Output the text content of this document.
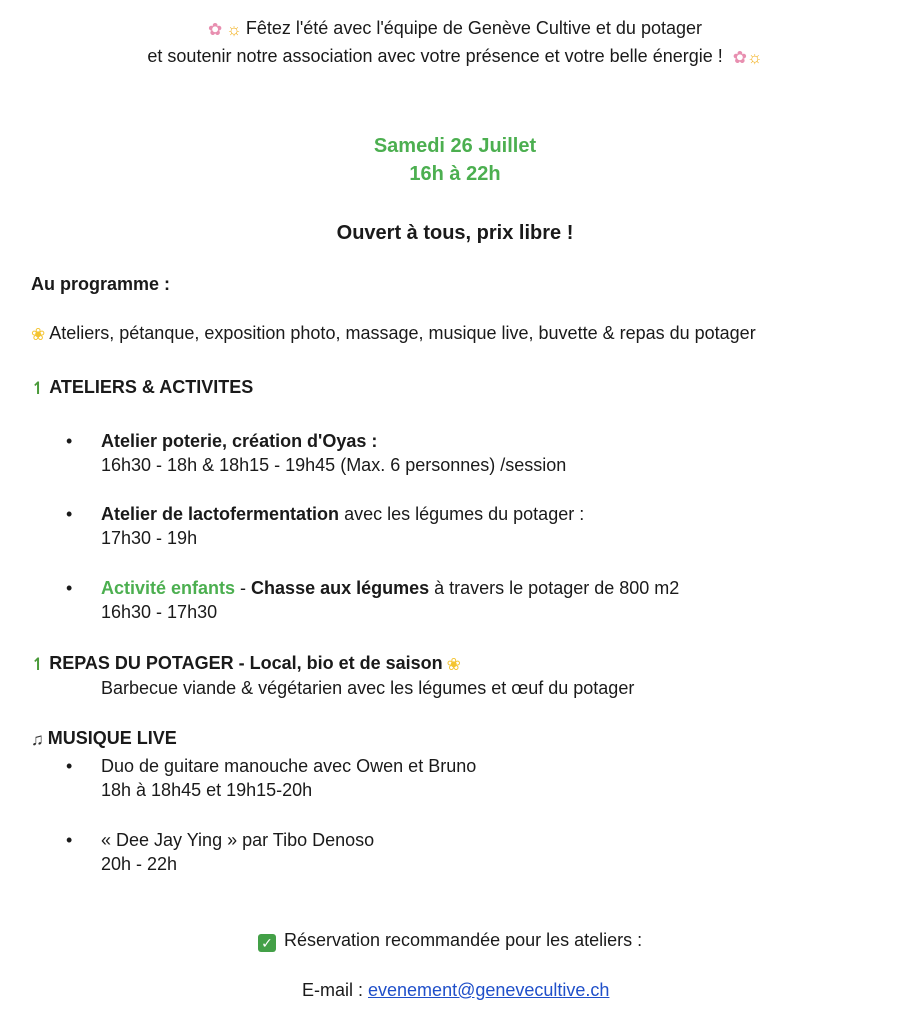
✿ ☼ Fêtez l'été avec l'équipe de Genève Cultive et du potager
et soutenir notre association avec votre présence et votre belle énergie ! ✿☼
Samedi 26 Juillet
16h à 22h
Ouvert à tous, prix libre !
Au programme :
❀ Ateliers, pétanque, exposition photo, massage, musique live, buvette & repas du potager
↿ ATELIERS & ACTIVITES
• Atelier poterie, création d'Oyas :
16h30 - 18h & 18h15 - 19h45 (Max. 6 personnes) /session
• Atelier de lactofermentation avec les légumes du potager :
17h30 - 19h
• Activité enfants - Chasse aux légumes à travers le potager de 800 m2
16h30 - 17h30
↿ REPAS DU POTAGER - Local, bio et de saison ❀
Barbecue viande & végétarien avec les légumes et œuf du potager
♫ MUSIQUE LIVE
• Duo de guitare manouche avec Owen et Bruno
18h à 18h45 et 19h15-20h
• « Dee Jay Ying » par Tibo Denoso
20h - 22h
✓ Réservation recommandée pour les ateliers :
E-mail : evenement@genevecultive.ch
